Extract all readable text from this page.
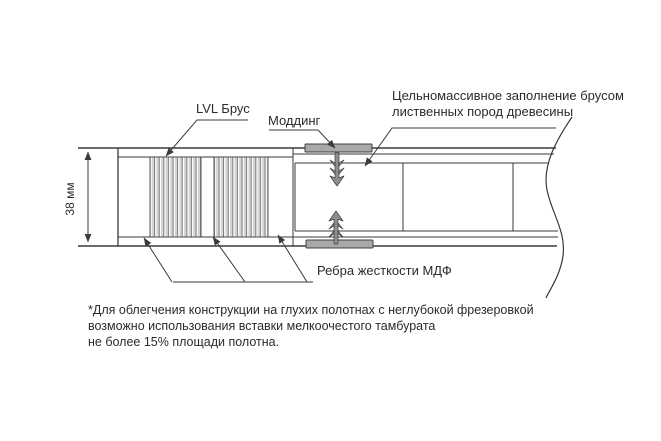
38 мм
LVL Брус
Моддинг
Цельномассивное заполнение брусом
лиственных пород древесины
Ребра жесткости МДФ
*Для облегчения конструкции на глухих полотнах с неглубокой фрезеровкой
возможно использования вставки мелкоочестого тамбурата
не более 15% площади полотна.
